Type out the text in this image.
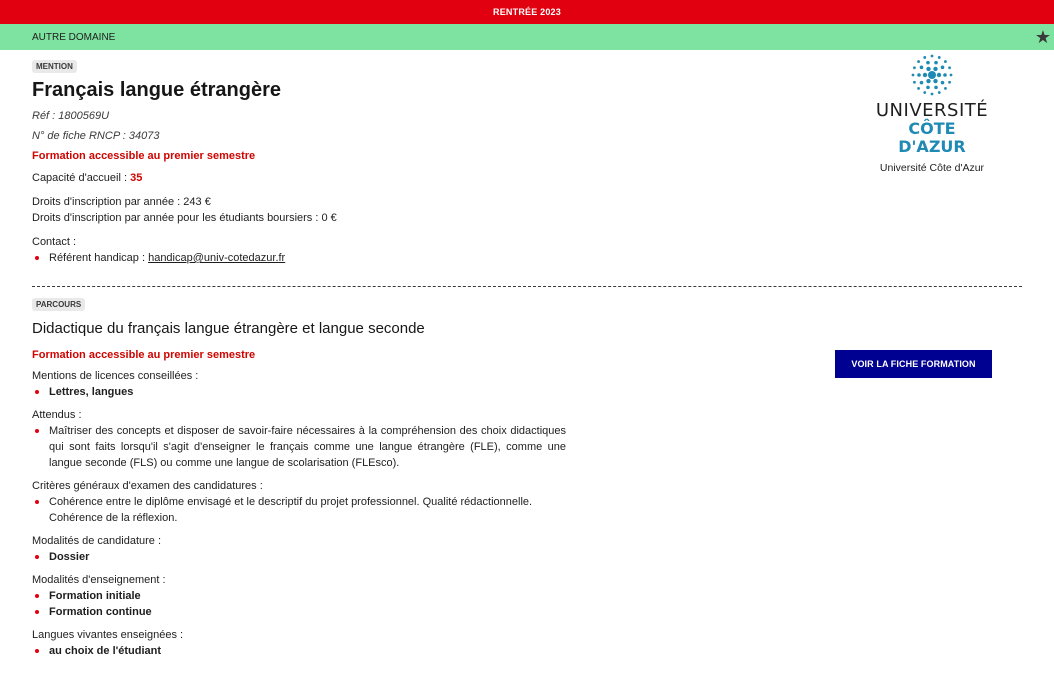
RENTRÉE 2023
AUTRE DOMAINE	★
MENTION
Français langue étrangère
Réf : 1800569U
N° de fiche RNCP : 34073
Formation accessible au premier semestre
Capacité d'accueil : 35
Droits d'inscription par année : 243 €
Droits d'inscription par année pour les étudiants boursiers : 0 €
Contact :
Référent handicap : handicap@univ-cotedazur.fr
UNIVERSITÉ
CÔTE D'AZUR
Université Côte d'Azur
PARCOURS
Didactique du français langue étrangère et langue seconde
Formation accessible au premier semestre
VOIR LA FICHE FORMATION
Mentions de licences conseillées :
Lettres, langues
Attendus :
Maîtriser des concepts et disposer de savoir-faire nécessaires à la compréhension des choix didactiques qui sont faits lorsqu'il s'agit d'enseigner le français comme une langue étrangère (FLE), comme une langue seconde (FLS) ou comme une langue de scolarisation (FLEsco).
Critères généraux d'examen des candidatures :
Cohérence entre le diplôme envisagé et le descriptif du projet professionnel. Qualité rédactionnelle. Cohérence de la réflexion.
Modalités de candidature :
Dossier
Modalités d'enseignement :
Formation initiale
Formation continue
Langues vivantes enseignées :
au choix de l'étudiant
